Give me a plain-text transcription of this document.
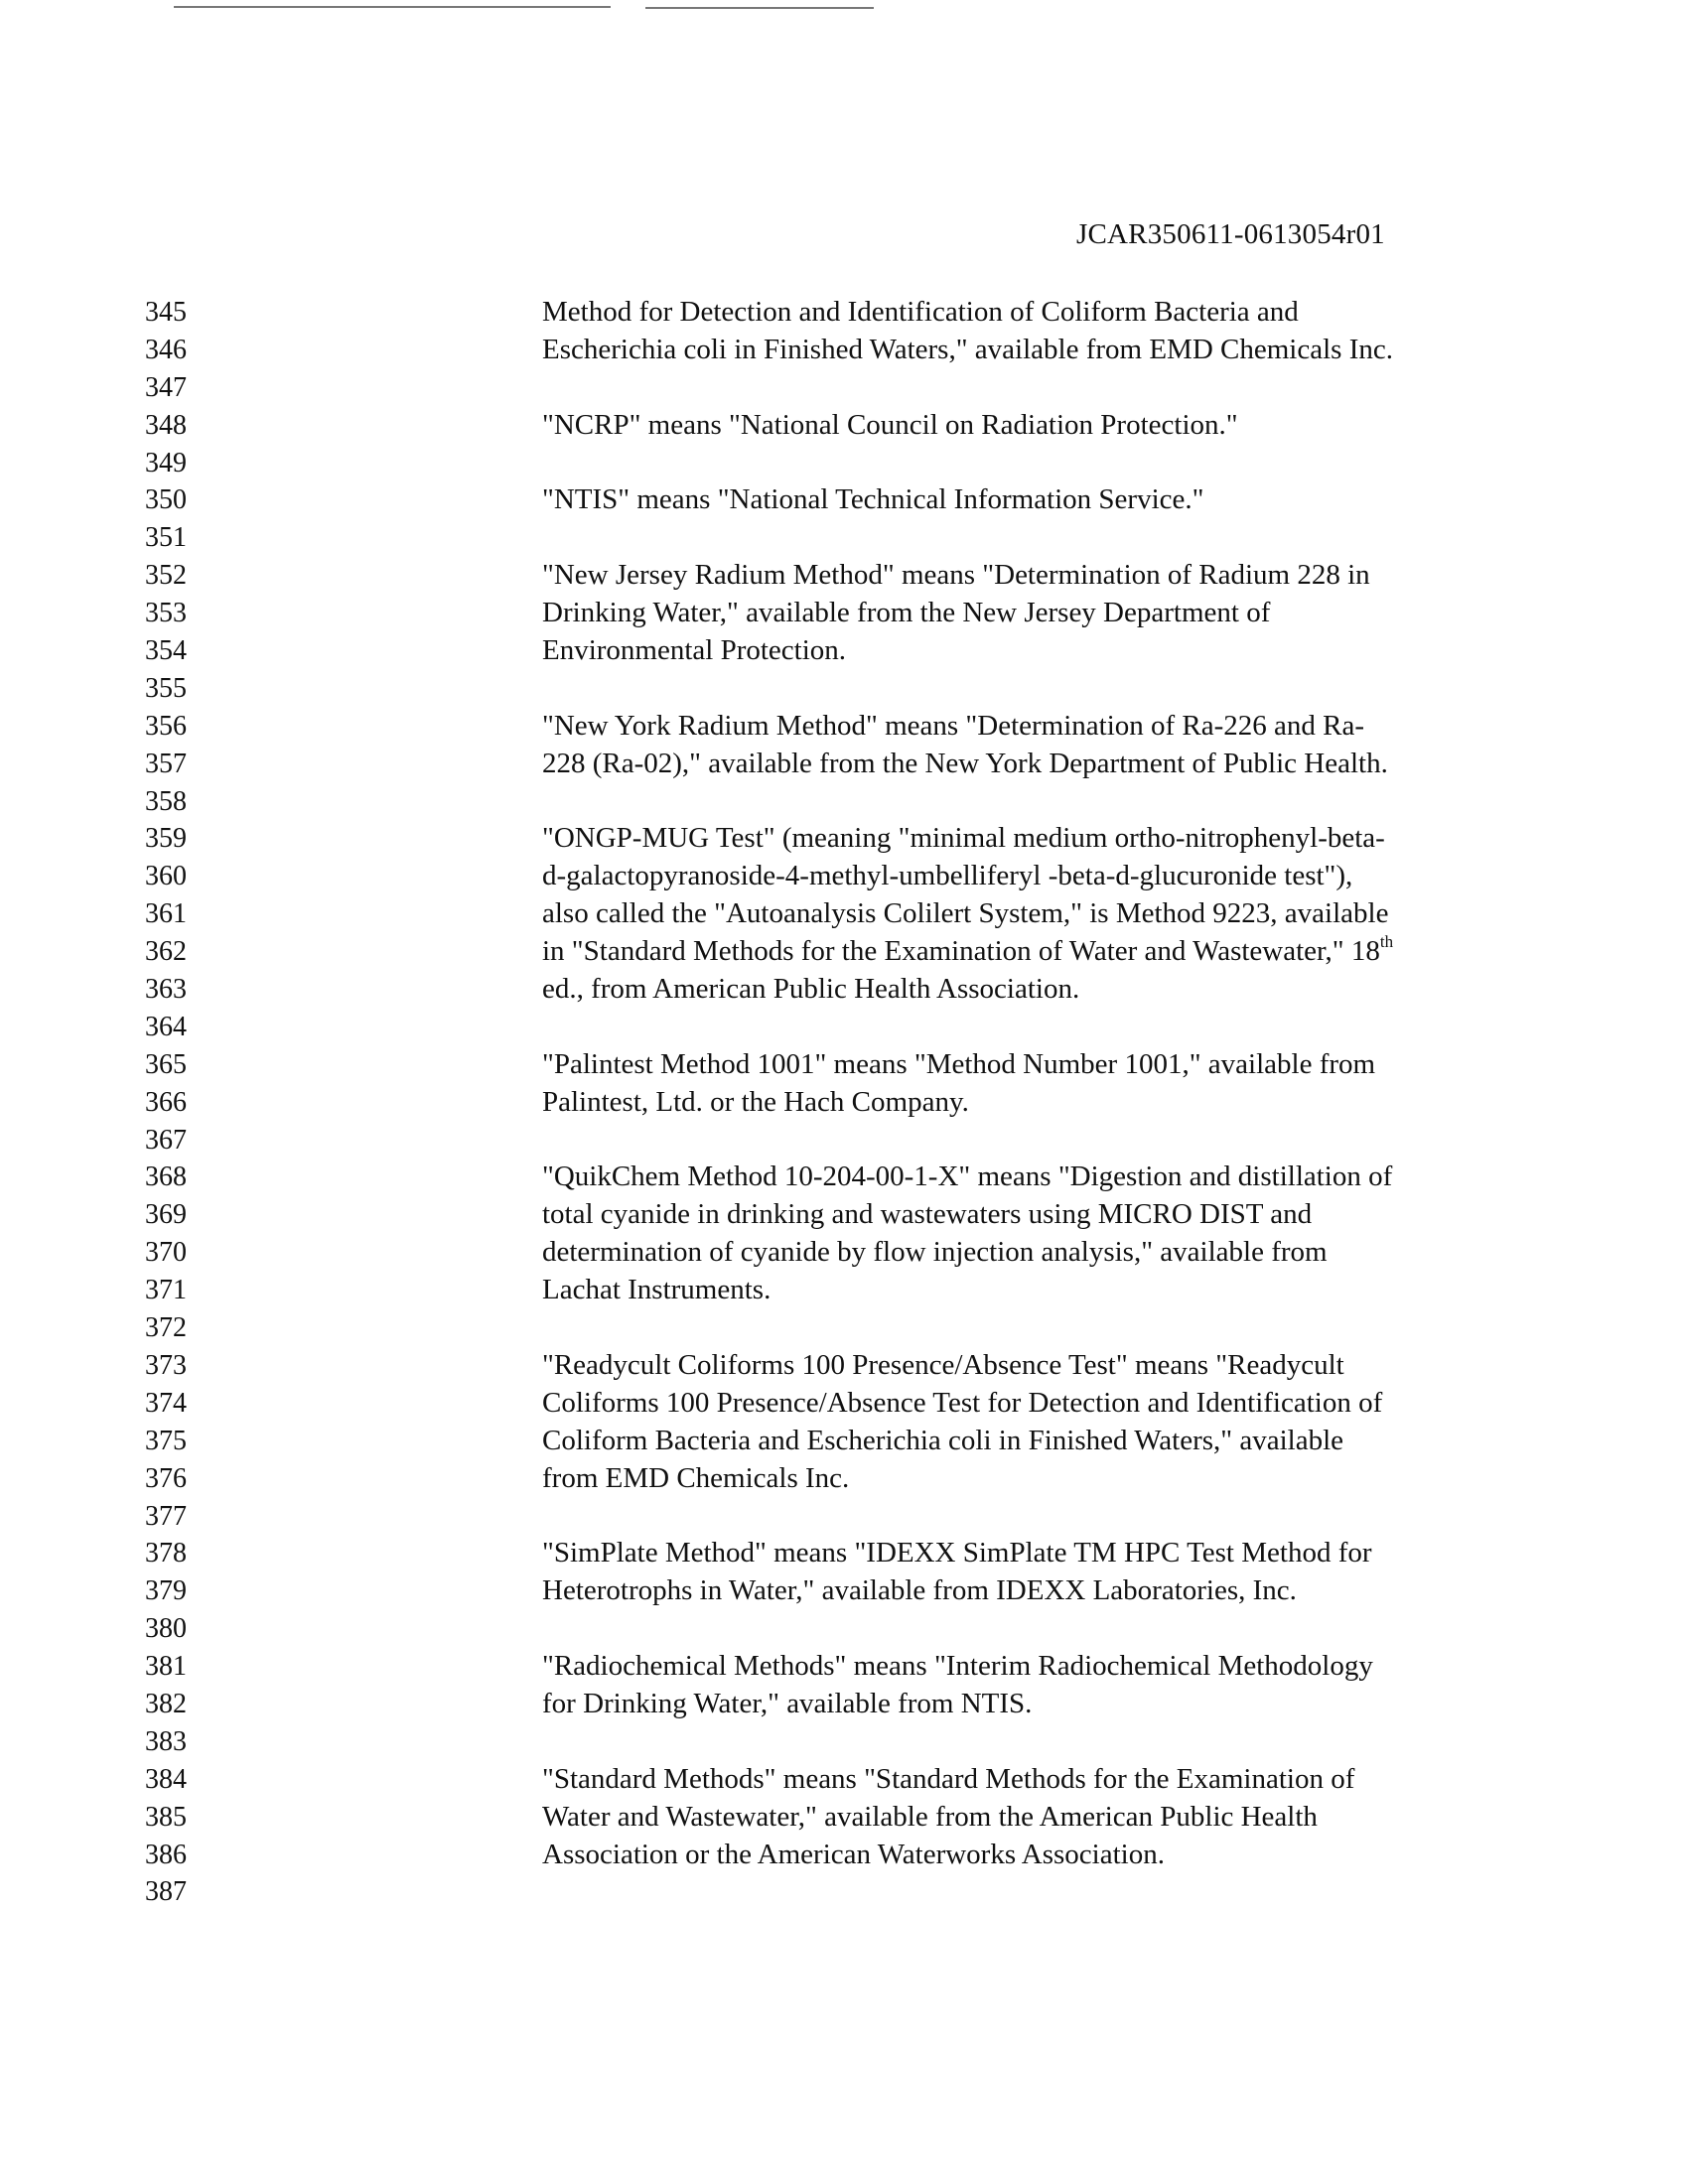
JCAR350611-0613054r01
345
346
347
348
349
350
351
352
353
354
355
356
357
358
359
360
361
362
363
364
365
366
367
368
369
370
371
372
373
374
375
376
377
378
379
380
381
382
383
384
385
386
387
Method for Detection and Identification of Coliform Bacteria and
Escherichia coli in Finished Waters," available from EMD Chemicals Inc.
"NCRP" means "National Council on Radiation Protection."
"NTIS" means "National Technical Information Service."
"New Jersey Radium Method" means "Determination of Radium 228 in
Drinking Water," available from the New Jersey Department of
Environmental Protection.
"New York Radium Method" means "Determination of Ra-226 and Ra-
228 (Ra-02)," available from the New York Department of Public Health.
"ONGP-MUG Test" (meaning "minimal medium ortho-nitrophenyl-beta-
d-galactopyranoside-4-methyl-umbelliferyl -beta-d-glucuronide test"),
also called the "Autoanalysis Colilert System," is Method 9223, available
in "Standard Methods for the Examination of Water and Wastewater," 18th
ed., from American Public Health Association.
"Palintest Method 1001" means "Method Number 1001," available from
Palintest, Ltd. or the Hach Company.
"QuikChem Method 10-204-00-1-X" means "Digestion and distillation of
total cyanide in drinking and wastewaters using MICRO DIST and
determination of cyanide by flow injection analysis," available from
Lachat Instruments.
"Readycult Coliforms 100 Presence/Absence Test" means "Readycult
Coliforms 100 Presence/Absence Test for Detection and Identification of
Coliform Bacteria and Escherichia coli in Finished Waters," available
from EMD Chemicals Inc.
"SimPlate Method" means "IDEXX SimPlate TM HPC Test Method for
Heterotrophs in Water," available from IDEXX Laboratories, Inc.
"Radiochemical Methods" means "Interim Radiochemical Methodology
for Drinking Water," available from NTIS.
"Standard Methods" means "Standard Methods for the Examination of
Water and Wastewater," available from the American Public Health
Association or the American Waterworks Association.
